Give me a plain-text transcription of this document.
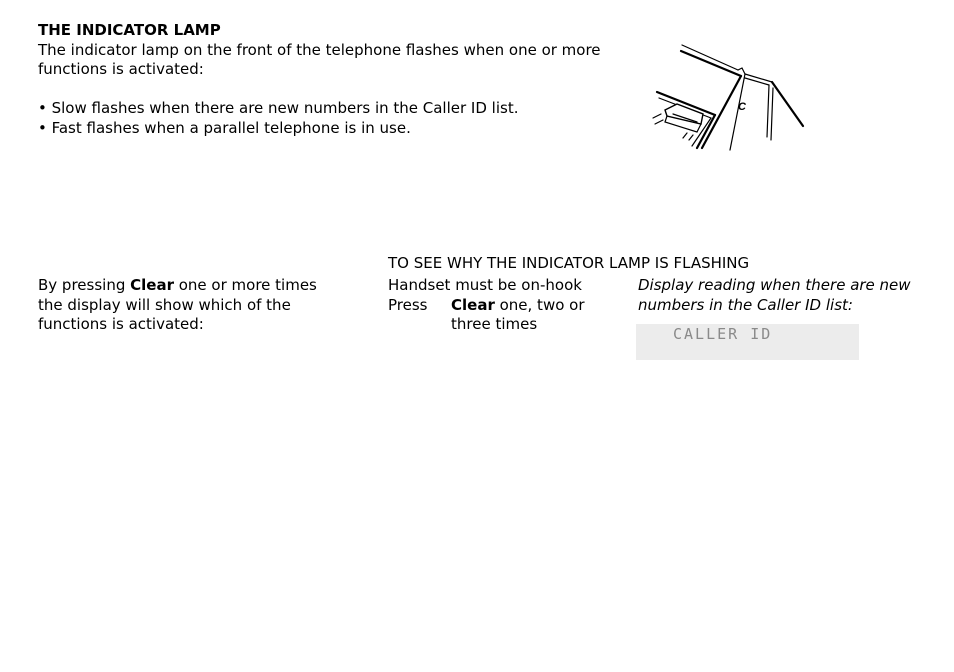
THE INDICATOR LAMP

The indicator lamp on the front of the telephone flashes when one or more functions is activated:

• Slow flashes when there are new numbers in the Caller ID list.
• Fast flashes when a parallel telephone is in use.
C
TO SEE WHY THE INDICATOR LAMP IS FLASHING
By pressing Clear one or more times the display will show which of the functions is activated:
Handset must be on-hook
Press	Clear one, two or three times
Display reading when there are new numbers in the Caller ID list:
CALLER ID
